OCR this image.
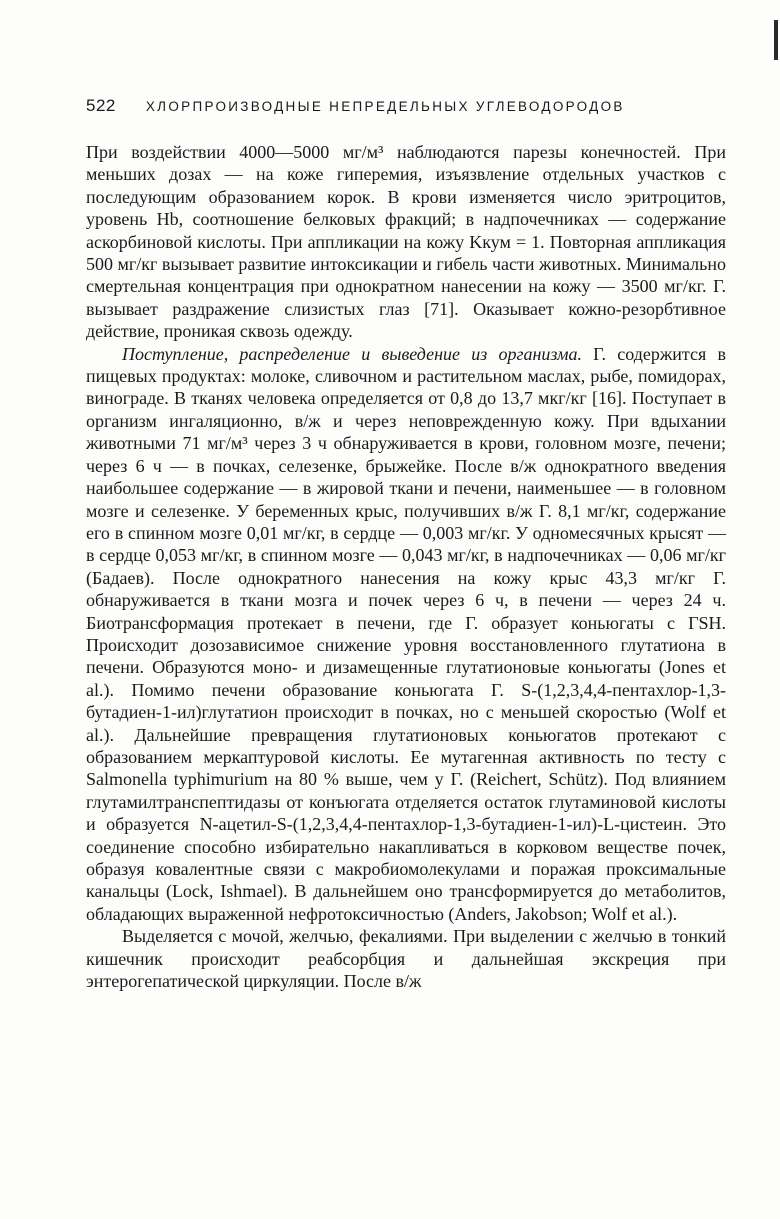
522 ХЛОРПРОИЗВОДНЫЕ НЕПРЕДЕЛЬНЫХ УГЛЕВОДОРОДОВ

При воздействии 4000—5000 мг/м³ наблюдаются парезы конечностей. При меньших дозах — на коже гиперемия, изъязвление отдельных участков с последующим образованием корок. В крови изменяется число эритроцитов, уровень Hb, соотношение белковых фракций; в надпочечниках — содержание аскорбиновой кислоты. При аппликации на кожу Kкум = 1. Повторная аппликация 500 мг/кг вызывает развитие интоксикации и гибель части животных. Минимально смертельная концентрация при однократном нанесении на кожу — 3500 мг/кг. Г. вызывает раздражение слизистых глаз [71]. Оказывает кожно-резорбтивное действие, проникая сквозь одежду.

Поступление, распределение и выведение из организма. Г. содержится в пищевых продуктах: молоке, сливочном и растительном маслах, рыбе, помидорах, винограде. В тканях человека определяется от 0,8 до 13,7 мкг/кг [16]. Поступает в организм ингаляционно, в/ж и через неповрежденную кожу. При вдыхании животными 71 мг/м³ через 3 ч обнаруживается в крови, головном мозге, печени; через 6 ч — в почках, селезенке, брыжейке. После в/ж однократного введения наибольшее содержание — в жировой ткани и печени, наименьшее — в головном мозге и селезенке. У беременных крыс, получивших в/ж Г. 8,1 мг/кг, содержание его в спинном мозге 0,01 мг/кг, в сердце — 0,003 мг/кг. У одномесячных крысят — в сердце 0,053 мг/кг, в спинном мозге — 0,043 мг/кг, в надпочечниках — 0,06 мг/кг (Бадаев). После однократного нанесения на кожу крыс 43,3 мг/кг Г. обнаруживается в ткани мозга и почек через 6 ч, в печени — через 24 ч. Биотрансформация протекает в печени, где Г. образует коньюгаты с ГSН. Происходит дозозависимое снижение уровня восстановленного глутатиона в печени. Образуются моно- и дизамещенные глутатионовые коньюгаты (Jones et al.). Помимо печени образование коньюгата Г. S-(1,2,3,4,4-пентахлор-1,3-бутадиен-1-ил)глутатион происходит в почках, но с меньшей скоростью (Wolf et al.). Дальнейшие превращения глутатионовых коньюгатов протекают с образованием меркаптуровой кислоты. Ее мутагенная активность по тесту с Salmonella typhimurium на 80 % выше, чем у Г. (Reichert, Schütz). Под влиянием глутамилтранспептидазы от конъюгата отделяется остаток глутаминовой кислоты и образуется N-ацетил-S-(1,2,3,4,4-пентахлор-1,3-бутадиен-1-ил)-L-цистеин. Это соединение способно избирательно накапливаться в корковом веществе почек, образуя ковалентные связи с макробиомолекулами и поражая проксимальные канальцы (Lock, Ishmael). В дальнейшем оно трансформируется до метаболитов, обладающих выраженной нефротоксичностью (Anders, Jakobson; Wolf et al.).

Выделяется с мочой, желчью, фекалиями. При выделении с желчью в тонкий кишечник происходит реабсорбция и дальнейшая экскреция при энтерогепатической циркуляции. После в/ж
